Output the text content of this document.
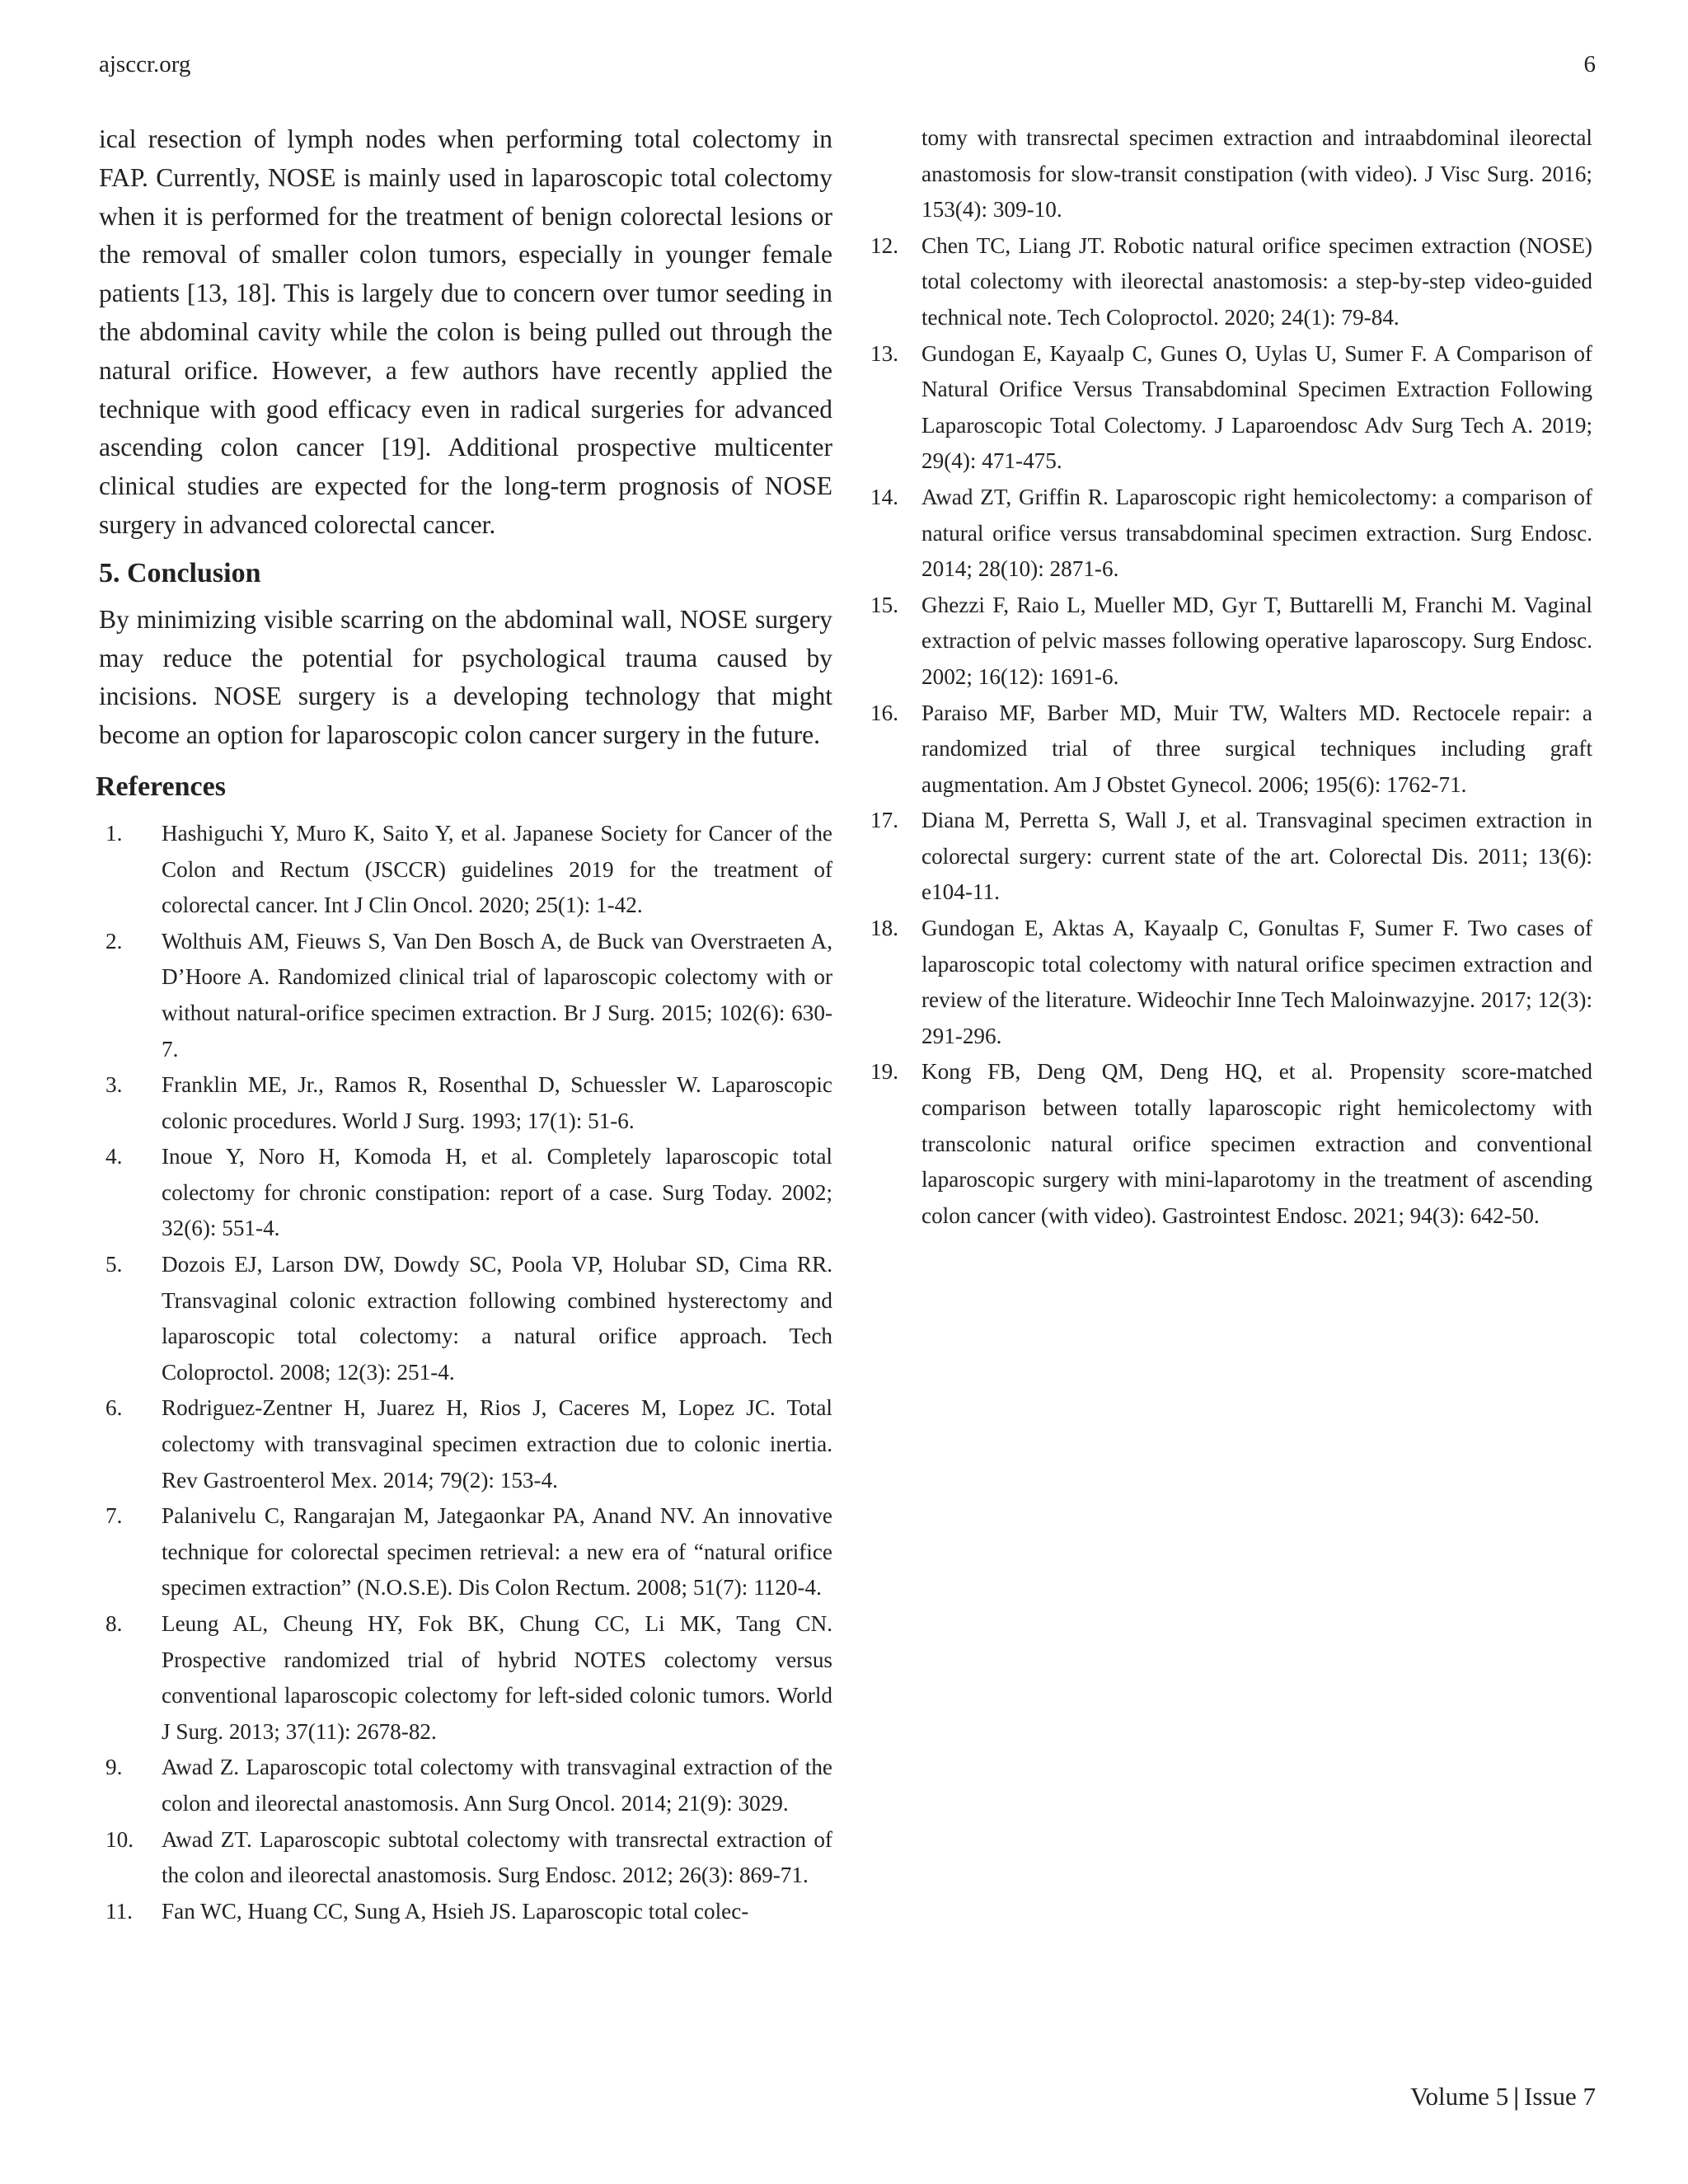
ajsccr.org	6

ical resection of lymph nodes when performing total colectomy in FAP. Currently, NOSE is mainly used in laparoscopic total colectomy when it is performed for the treatment of benign colorectal lesions or the removal of smaller colon tumors, especially in younger female patients [13, 18]. This is largely due to concern over tumor seeding in the abdominal cavity while the colon is being pulled out through the natural orifice. However, a few authors have recently applied the technique with good efficacy even in radical surgeries for advanced ascending colon cancer [19]. Additional prospective multicenter clinical studies are expected for the long-term prognosis of NOSE surgery in advanced colorectal cancer.

5. Conclusion

By minimizing visible scarring on the abdominal wall, NOSE surgery may reduce the potential for psychological trauma caused by incisions. NOSE surgery is a developing technology that might become an option for laparoscopic colon cancer surgery in the future.

References
1. Hashiguchi Y, Muro K, Saito Y, et al. Japanese Society for Cancer of the Colon and Rectum (JSCCR) guidelines 2019 for the treatment of colorectal cancer. Int J Clin Oncol. 2020; 25(1): 1-42.
2. Wolthuis AM, Fieuws S, Van Den Bosch A, de Buck van Overstraeten A, D’Hoore A. Randomized clinical trial of laparoscopic colectomy with or without natural-orifice specimen extraction. Br J Surg. 2015; 102(6): 630-7.
3. Franklin ME, Jr., Ramos R, Rosenthal D, Schuessler W. Laparoscopic colonic procedures. World J Surg. 1993; 17(1): 51-6.
4. Inoue Y, Noro H, Komoda H, et al. Completely laparoscopic total colectomy for chronic constipation: report of a case. Surg Today. 2002; 32(6): 551-4.
5. Dozois EJ, Larson DW, Dowdy SC, Poola VP, Holubar SD, Cima RR. Transvaginal colonic extraction following combined hysterectomy and laparoscopic total colectomy: a natural orifice approach. Tech Coloproctol. 2008; 12(3): 251-4.
6. Rodriguez-Zentner H, Juarez H, Rios J, Caceres M, Lopez JC. Total colectomy with transvaginal specimen extraction due to colonic inertia. Rev Gastroenterol Mex. 2014; 79(2): 153-4.
7. Palanivelu C, Rangarajan M, Jategaonkar PA, Anand NV. An innovative technique for colorectal specimen retrieval: a new era of “natural orifice specimen extraction” (N.O.S.E). Dis Colon Rectum. 2008; 51(7): 1120-4.
8. Leung AL, Cheung HY, Fok BK, Chung CC, Li MK, Tang CN. Prospective randomized trial of hybrid NOTES colectomy versus conventional laparoscopic colectomy for left-sided colonic tumors. World J Surg. 2013; 37(11): 2678-82.
9. Awad Z. Laparoscopic total colectomy with transvaginal extraction of the colon and ileorectal anastomosis. Ann Surg Oncol. 2014; 21(9): 3029.
10. Awad ZT. Laparoscopic subtotal colectomy with transrectal extraction of the colon and ileorectal anastomosis. Surg Endosc. 2012; 26(3): 869-71.
11. Fan WC, Huang CC, Sung A, Hsieh JS. Laparoscopic total colec-
tomy with transrectal specimen extraction and intraabdominal ileorectal anastomosis for slow-transit constipation (with video). J Visc Surg. 2016; 153(4): 309-10.
12. Chen TC, Liang JT. Robotic natural orifice specimen extraction (NOSE) total colectomy with ileorectal anastomosis: a step-by-step video-guided technical note. Tech Coloproctol. 2020; 24(1): 79-84.
13. Gundogan E, Kayaalp C, Gunes O, Uylas U, Sumer F. A Comparison of Natural Orifice Versus Transabdominal Specimen Extraction Following Laparoscopic Total Colectomy. J Laparoendosc Adv Surg Tech A. 2019; 29(4): 471-475.
14. Awad ZT, Griffin R. Laparoscopic right hemicolectomy: a comparison of natural orifice versus transabdominal specimen extraction. Surg Endosc. 2014; 28(10): 2871-6.
15. Ghezzi F, Raio L, Mueller MD, Gyr T, Buttarelli M, Franchi M. Vaginal extraction of pelvic masses following operative laparoscopy. Surg Endosc. 2002; 16(12): 1691-6.
16. Paraiso MF, Barber MD, Muir TW, Walters MD. Rectocele repair: a randomized trial of three surgical techniques including graft augmentation. Am J Obstet Gynecol. 2006; 195(6): 1762-71.
17. Diana M, Perretta S, Wall J, et al. Transvaginal specimen extraction in colorectal surgery: current state of the art. Colorectal Dis. 2011; 13(6): e104-11.
18. Gundogan E, Aktas A, Kayaalp C, Gonultas F, Sumer F. Two cases of laparoscopic total colectomy with natural orifice specimen extraction and review of the literature. Wideochir Inne Tech Maloinwazyjne. 2017; 12(3): 291-296.
19. Kong FB, Deng QM, Deng HQ, et al. Propensity score-matched comparison between totally laparoscopic right hemicolectomy with transcolonic natural orifice specimen extraction and conventional laparoscopic surgery with mini-laparotomy in the treatment of ascending colon cancer (with video). Gastrointest Endosc. 2021; 94(3): 642-50.
Volume 5 | Issue 7
